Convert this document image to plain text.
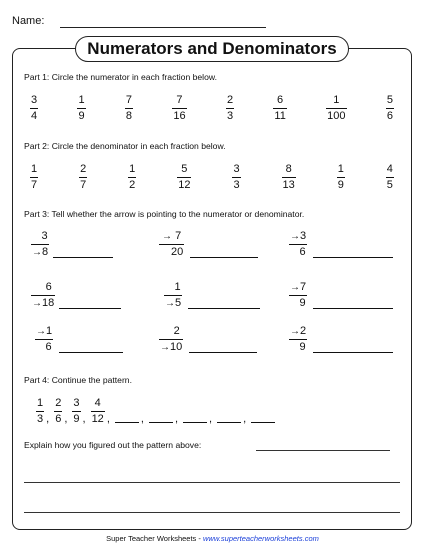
Name:
Numerators and Denominators
Part 1: Circle the numerator in each fraction below.
$\frac{3}{4}$	$\frac{1}{9}$	$\frac{7}{8}$	$\frac{7}{16}$	$\frac{2}{3}$	$\frac{6}{11}$	$\frac{1}{100}$	$\frac{5}{6}$
Part 2: Circle the denominator in each fraction below.
$\frac{1}{7}$	$\frac{2}{7}$	$\frac{1}{2}$	$\frac{5}{12}$	$\frac{3}{3}$	$\frac{8}{13}$	$\frac{1}{9}$	$\frac{4}{5}$
Part 3: Tell whether the arrow is pointing to the numerator or denominator.
$\frac{3}{\to 8}$	$\frac{\to 7}{20}$	$\frac{\to 3}{6}$
$\frac{6}{\to 18}$	$\frac{1}{\to 5}$	$\frac{\to 7}{9}$
$\frac{\to 1}{6}$	$\frac{2}{\to 10}$	$\frac{\to 2}{9}$
Part 4: Continue the pattern.
$\frac{1}{3}$ , $\frac{2}{6}$ , $\frac{3}{9}$ , $\frac{4}{12}$ ,	,	,	,	,
Explain how you figured out the pattern above:
Super Teacher Worksheets - www.superteacherworksheets.com
